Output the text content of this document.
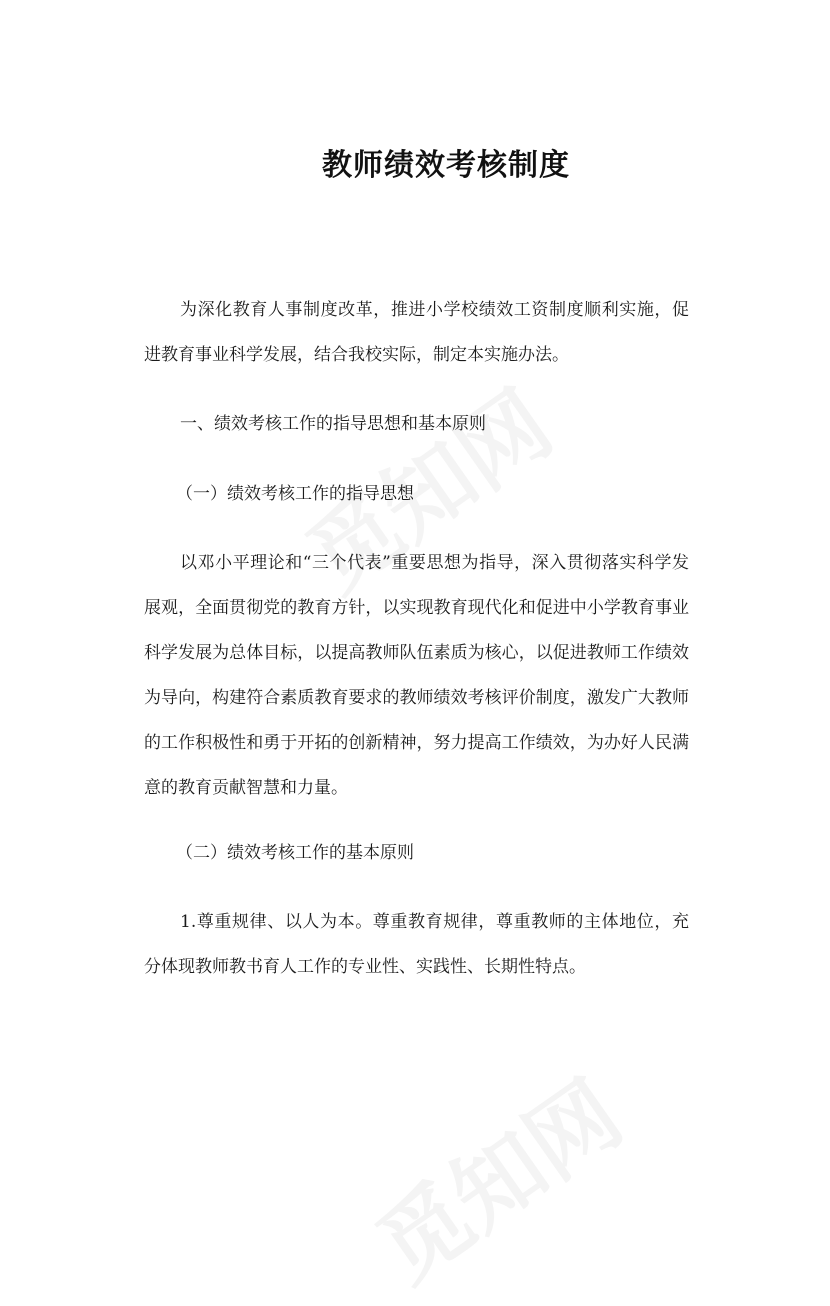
教师绩效考核制度

为深化教育人事制度改革，推进小学校绩效工资制度顺利实施，促进教育事业科学发展，结合我校实际，制定本实施办法。

一、绩效考核工作的指导思想和基本原则

（一）绩效考核工作的指导思想

以邓小平理论和“三个代表”重要思想为指导，深入贯彻落实科学发展观，全面贯彻党的教育方针，以实现教育现代化和促进中小学教育事业科学发展为总体目标，以提高教师队伍素质为核心，以促进教师工作绩效为导向，构建符合素质教育要求的教师绩效考核评价制度，激发广大教师的工作积极性和勇于开拓的创新精神，努力提高工作绩效，为办好人民满意的教育贡献智慧和力量。

（二）绩效考核工作的基本原则

1.尊重规律、以人为本。尊重教育规律，尊重教师的主体地位，充分体现教师教书育人工作的专业性、实践性、长期性特点。
